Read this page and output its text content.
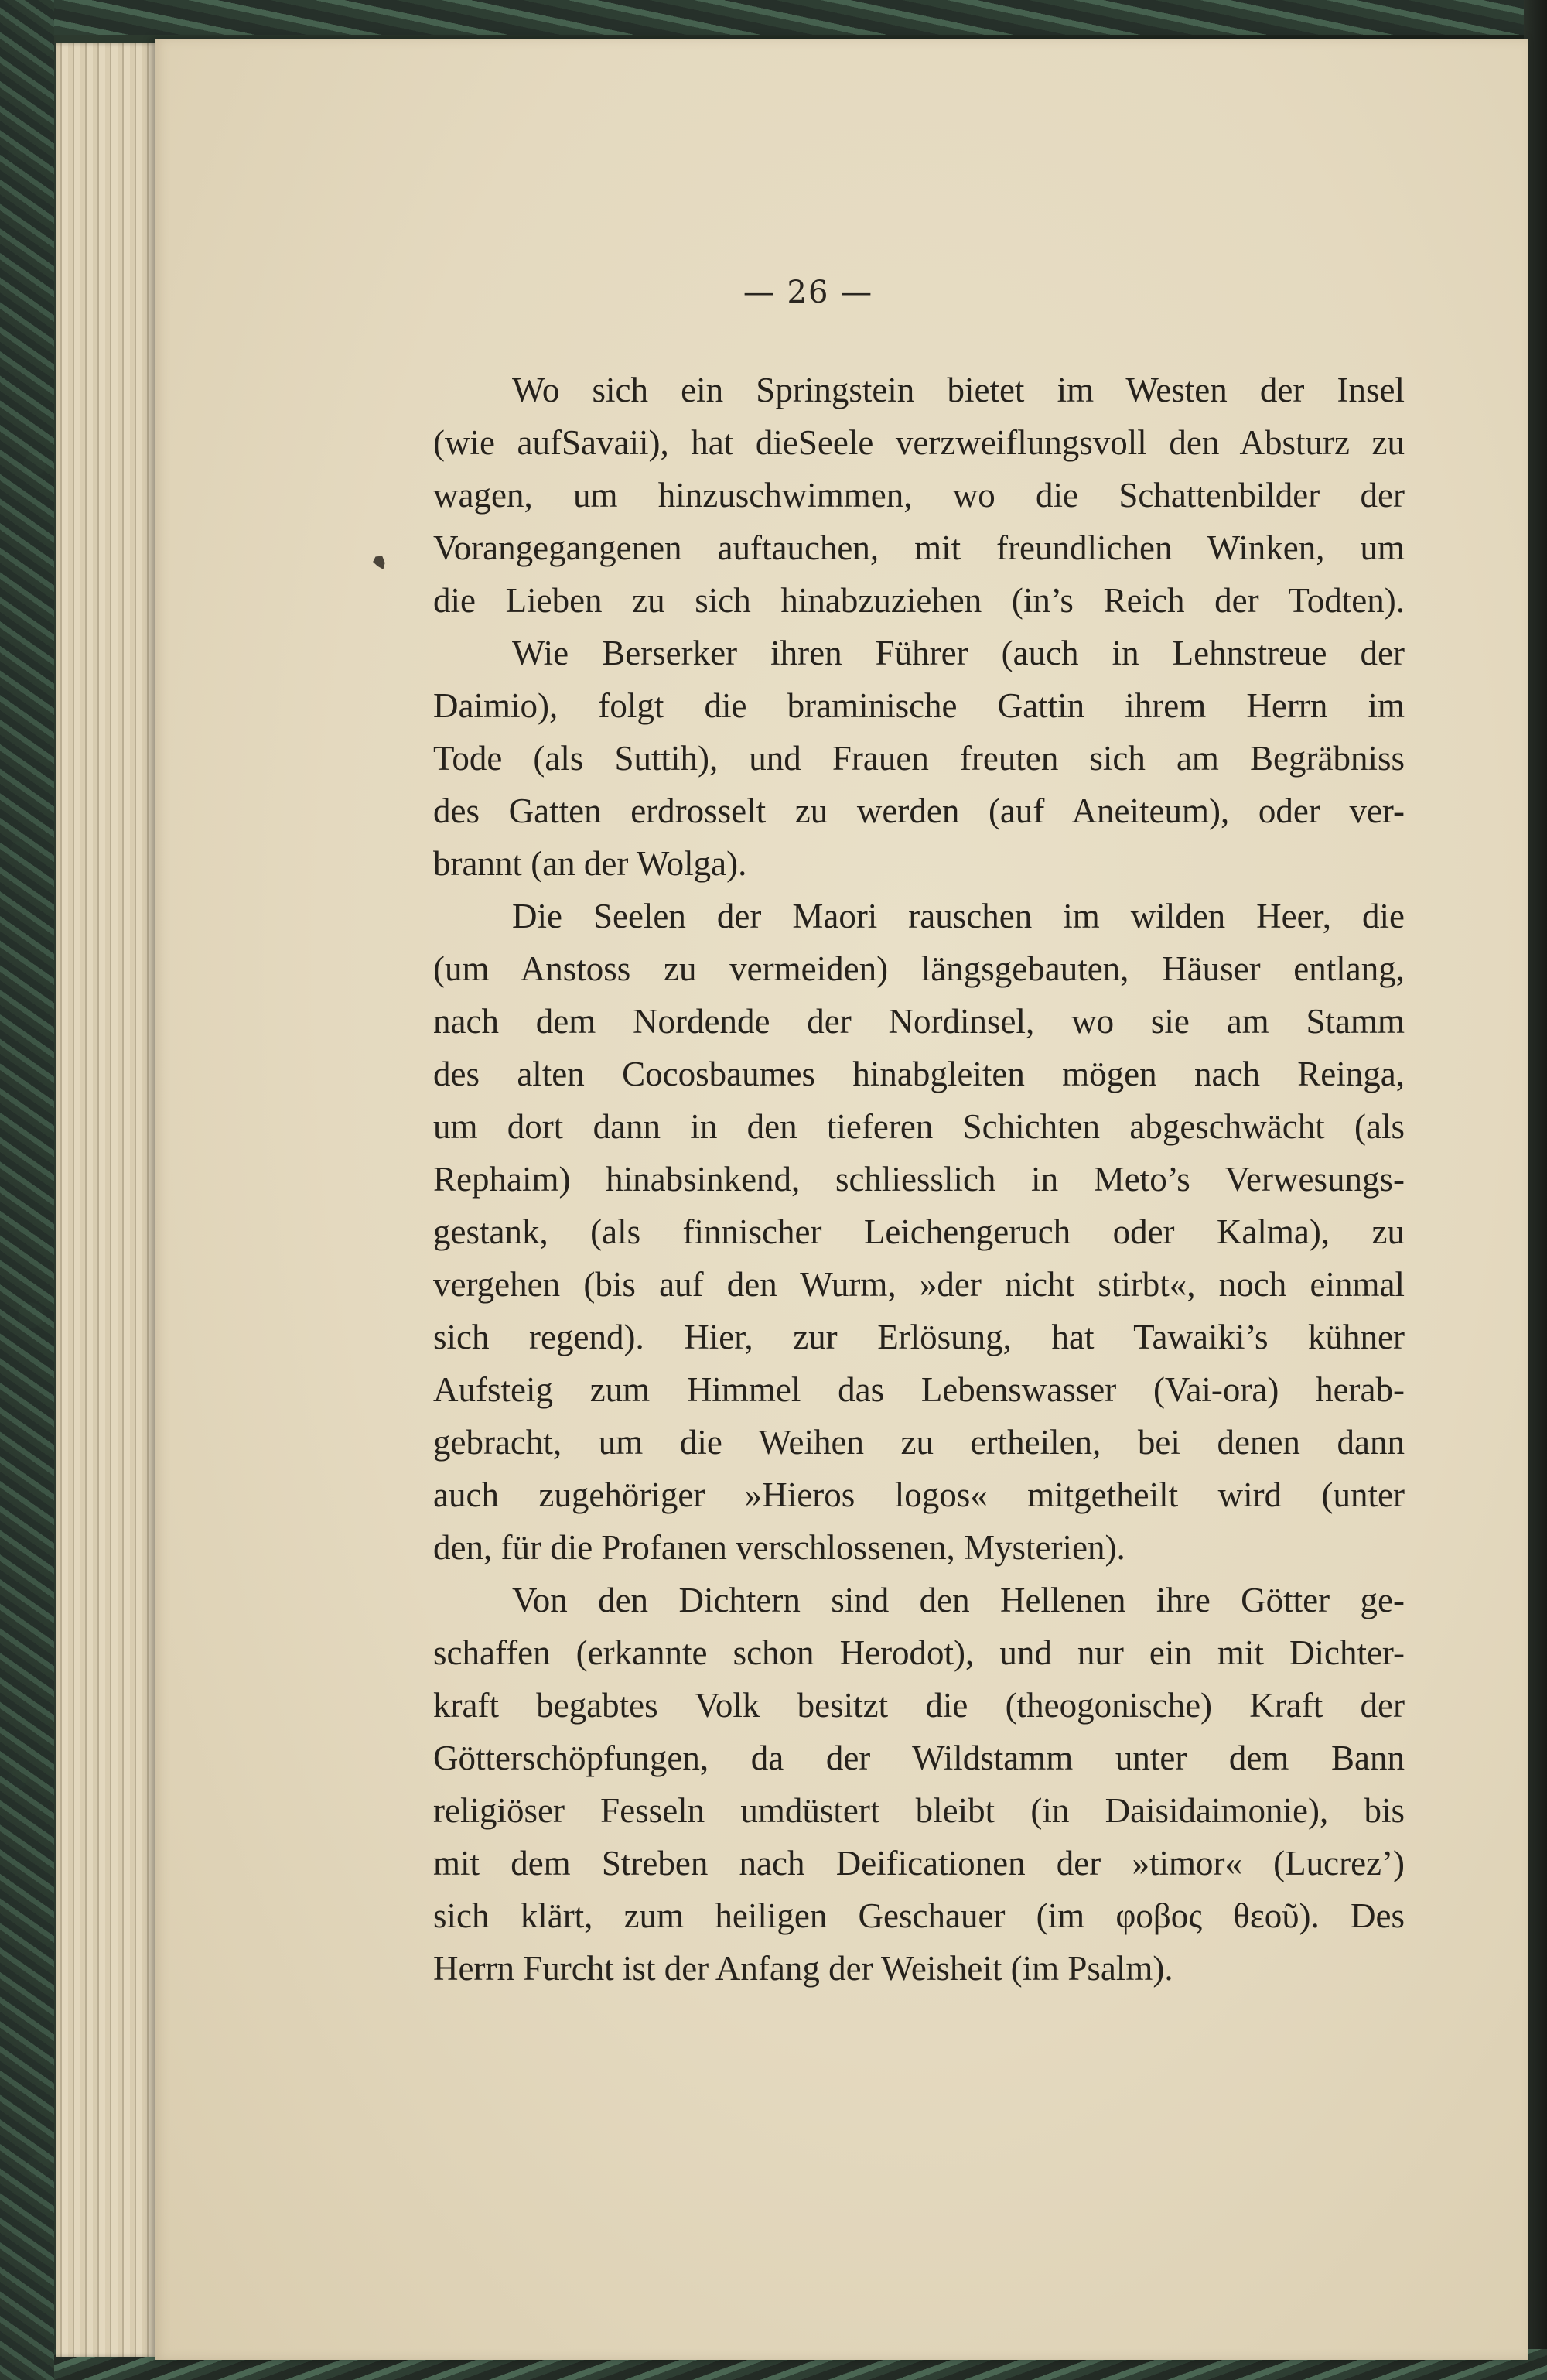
— 26 —
Wo sich ein Springstein bietet im Westen der Insel
(wie aufSavaii), hat dieSeele verzweiflungsvoll den Absturz zu
wagen, um hinzuschwimmen, wo die Schattenbilder der
Vorangegangenen auftauchen, mit freundlichen Winken, um
die Lieben zu sich hinabzuziehen (in’s Reich der Todten).
Wie Berserker ihren Führer (auch in Lehnstreue der
Daimio), folgt die braminische Gattin ihrem Herrn im
Tode (als Suttih), und Frauen freuten sich am Begräbniss
des Gatten erdrosselt zu werden (auf Aneiteum), oder ver-
brannt (an der Wolga).
Die Seelen der Maori rauschen im wilden Heer, die
(um Anstoss zu vermeiden) längsgebauten, Häuser entlang,
nach dem Nordende der Nordinsel, wo sie am Stamm
des alten Cocosbaumes hinabgleiten mögen nach Reinga,
um dort dann in den tieferen Schichten abgeschwächt (als
Rephaim) hinabsinkend, schliesslich in Meto’s Verwesungs-
gestank, (als finnischer Leichengeruch oder Kalma), zu
vergehen (bis auf den Wurm, »der nicht stirbt«, noch einmal
sich regend). Hier, zur Erlösung, hat Tawaiki’s kühner
Aufsteig zum Himmel das Lebenswasser (Vai-ora) herab-
gebracht, um die Weihen zu ertheilen, bei denen dann
auch zugehöriger »Hieros logos« mitgetheilt wird (unter
den, für die Profanen verschlossenen, Mysterien).
Von den Dichtern sind den Hellenen ihre Götter ge-
schaffen (erkannte schon Herodot), und nur ein mit Dichter-
kraft begabtes Volk besitzt die (theogonische) Kraft der
Götterschöpfungen, da der Wildstamm unter dem Bann
religiöser Fesseln umdüstert bleibt (in Daisidaimonie), bis
mit dem Streben nach Deificationen der »timor« (Lucrez’)
sich klärt, zum heiligen Geschauer (im φοβος θεοῦ). Des
Herrn Furcht ist der Anfang der Weisheit (im Psalm).
